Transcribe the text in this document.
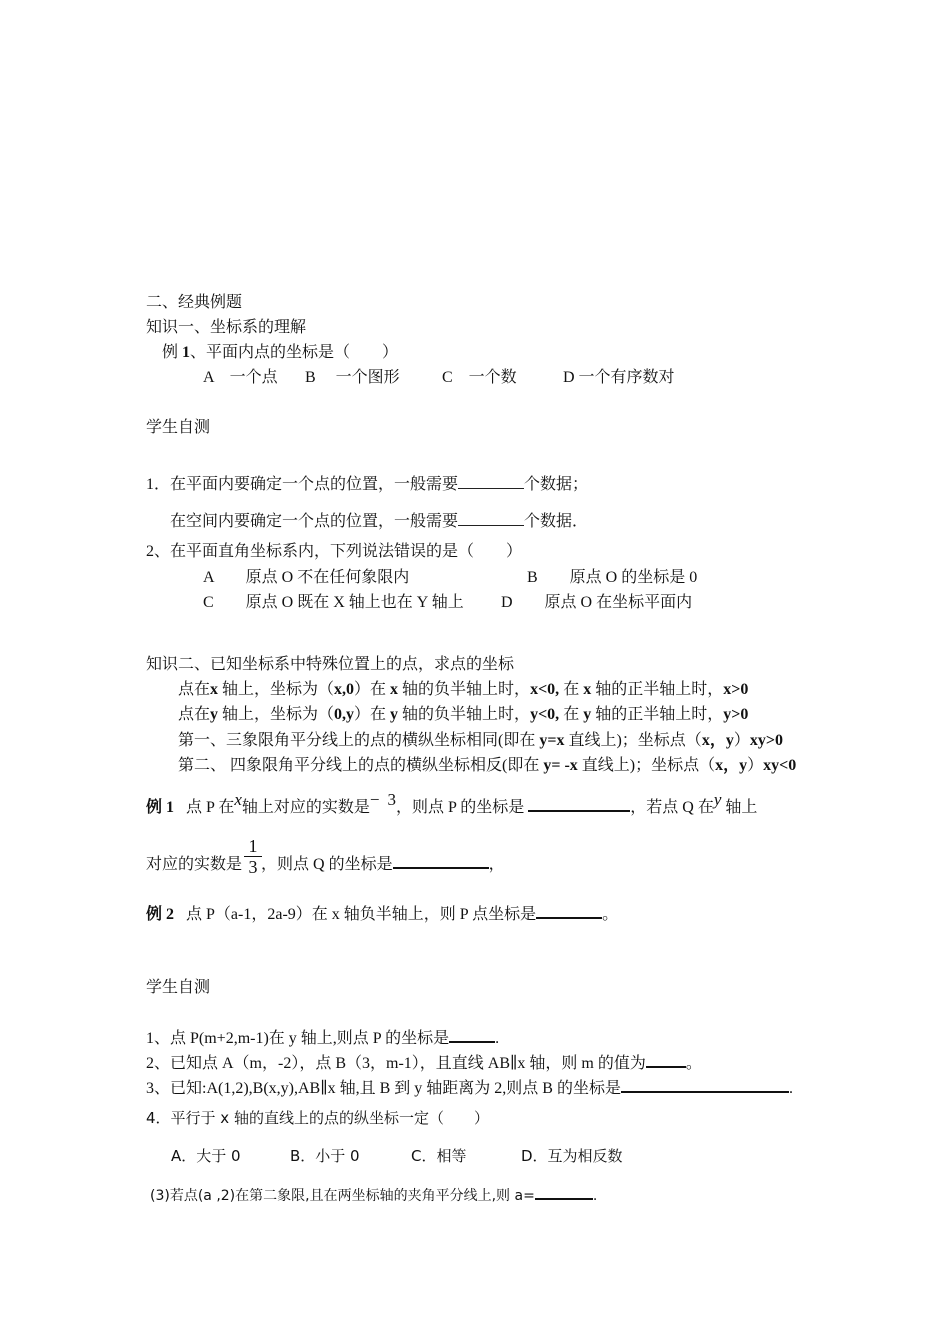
二、经典例题
知识一、坐标系的理解
例 1、平面内点的坐标是（　　）
A　一个点 B　 一个图形	C　一个数	D 一个有序数对
学生自测
1．在平面内要确定一个点的位置，一般需要	个数据；
在空间内要确定一个点的位置，一般需要	个数据．
2、在平面直角坐标系内，下列说法错误的是（　　）
A　　原点 O 不在任何象限内	B　　原点 O 的坐标是 0
C　　原点 O 既在 X 轴上也在 Y 轴上 D　　原点 O 在坐标平面内
知识二、已知坐标系中特殊位置上的点，求点的坐标
点在x 轴上，坐标为（x,0）在 x 轴的负半轴上时，x<0, 在 x 轴的正半轴上时，x>0
点在y 轴上，坐标为（0,y）在 y 轴的负半轴上时，y<0, 在 y 轴的正半轴上时，y>0
第一、三象限角平分线上的点的横纵坐标相同(即在 y=x 直线上)；坐标点（x，y）xy>0
第二、 四象限角平分线上的点的横纵坐标相反(即在 y= -x 直线上)；坐标点（x，y）xy<0
例 1 点 P 在x轴上对应的实数是− 3，则点 P 的坐标是	，若点 Q 在y 轴上
对应的实数是 ，则点 Q 的坐标是	，
$\frac{1}{3}$
例 2 点 P（a-1，2a-9）在 x 轴负半轴上，则 P 点坐标是	。
学生自测
1、点 P(m+2,m-1)在 y 轴上,则点 P 的坐标是	.
2、已知点 A（m，-2），点 B（3，m-1），且直线 AB∥x 轴，则 m 的值为	。
3、已知:A(1,2),B(x,y),AB∥x 轴,且 B 到 y 轴距离为 2,则点 B 的坐标是	.
4．平行于 x 轴的直线上的点的纵坐标一定（　　）
A．大于 0	B．小于 0	C．相等	D．互为相反数
(3)若点(a ,2)在第二象限,且在两坐标轴的夹角平分线上,则 a=	.
